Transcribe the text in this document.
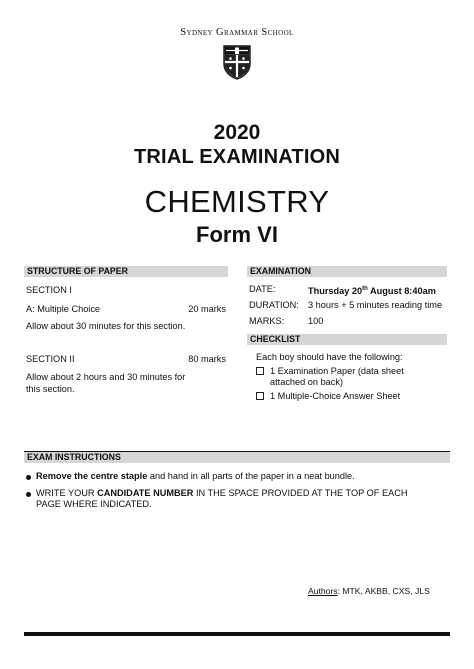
Sydney Grammar School
2020
TRIAL EXAMINATION
CHEMISTRY
Form VI
STRUCTURE OF PAPER
SECTION I
A: Multiple Choice	20 marks
Allow about 30 minutes for this section.
SECTION II	80 marks
Allow about 2 hours and 30 minutes for this section.
EXAMINATION
DATE:	Thursday 20th August 8:40am
DURATION: 3 hours + 5 minutes reading time
MARKS:	100
CHECKLIST
Each boy should have the following:
1 Examination Paper (data sheet
attached on back)
1 Multiple-Choice Answer Sheet
EXAM INSTRUCTIONS
Remove the centre staple and hand in all parts of the paper in a neat bundle.
WRITE YOUR CANDIDATE NUMBER IN THE SPACE PROVIDED AT THE TOP OF EACH
PAGE WHERE INDICATED.
Authors: MTK, AKBB, CXS, JLS
